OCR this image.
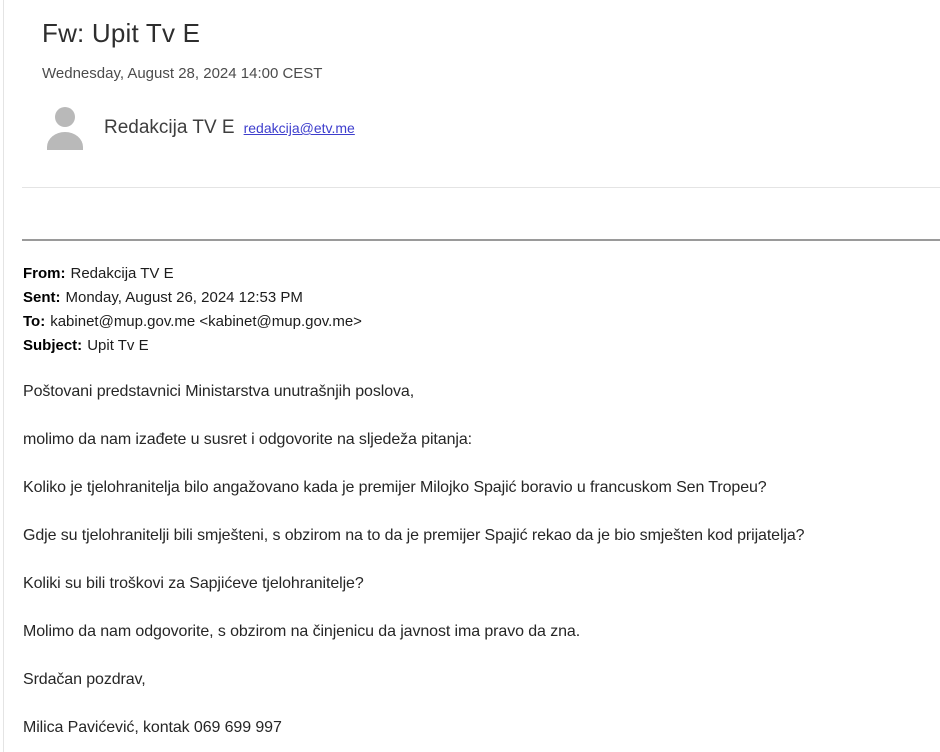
Fw: Upit Tv E
Wednesday, August 28, 2024 14:00 CEST
Redakcija TV E redakcija@etv.me
From: Redakcija TV E
Sent: Monday, August 26, 2024 12:53 PM
To: kabinet@mup.gov.me <kabinet@mup.gov.me>
Subject: Upit Tv E

Poštovani predstavnici Ministarstva unutrašnjih poslova,

molimo da nam izađete u susret i odgovorite na sljedeža pitanja:

Koliko je tjelohranitelja bilo angažovano kada je premijer Milojko Spajić boravio u francuskom Sen Tropeu?

Gdje su tjelohranitelji bili smješteni, s obzirom na to da je premijer Spajić rekao da je bio smješten kod prijatelja?

Koliki su bili troškovi za Sapjićeve tjelohranitelje?

Molimo da nam odgovorite, s obzirom na činjenicu da javnost ima pravo da zna.

Srdačan pozdrav,

Milica Pavićević, kontak 069 699 997
